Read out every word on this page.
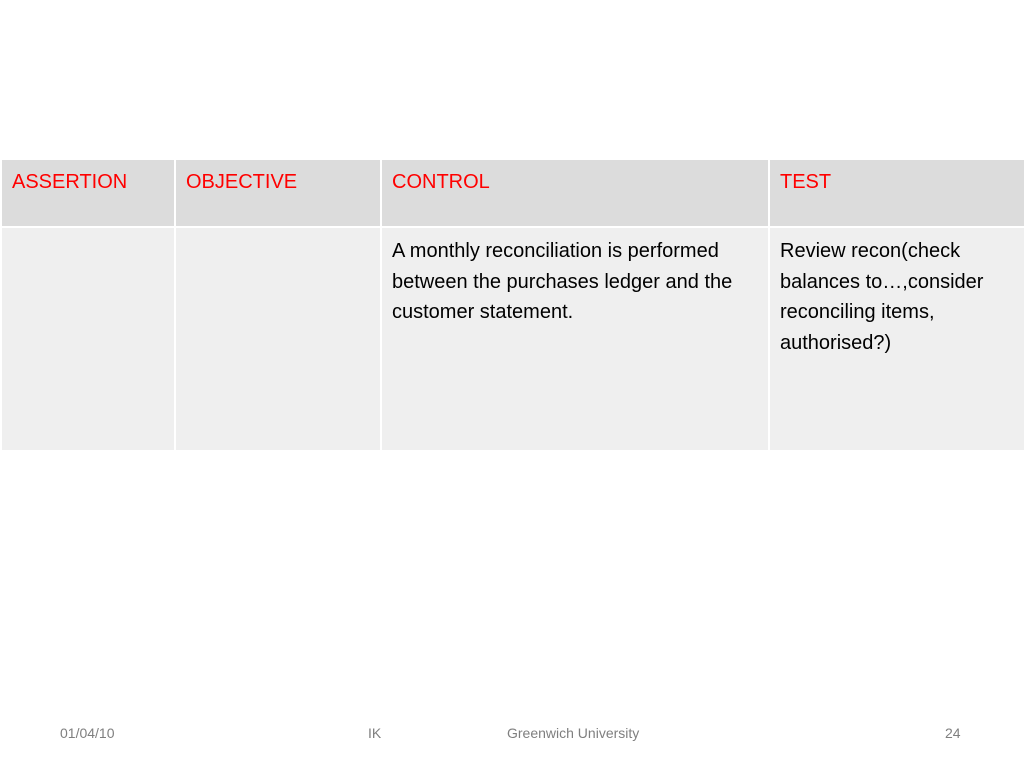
ASSERTION	OBJECTIVE	CONTROL	TEST
		A monthly reconciliation is performed between the purchases ledger and the customer statement.	Review recon(check balances to…,consider reconciling items, authorised?)
01/04/10	IK	Greenwich University	24
